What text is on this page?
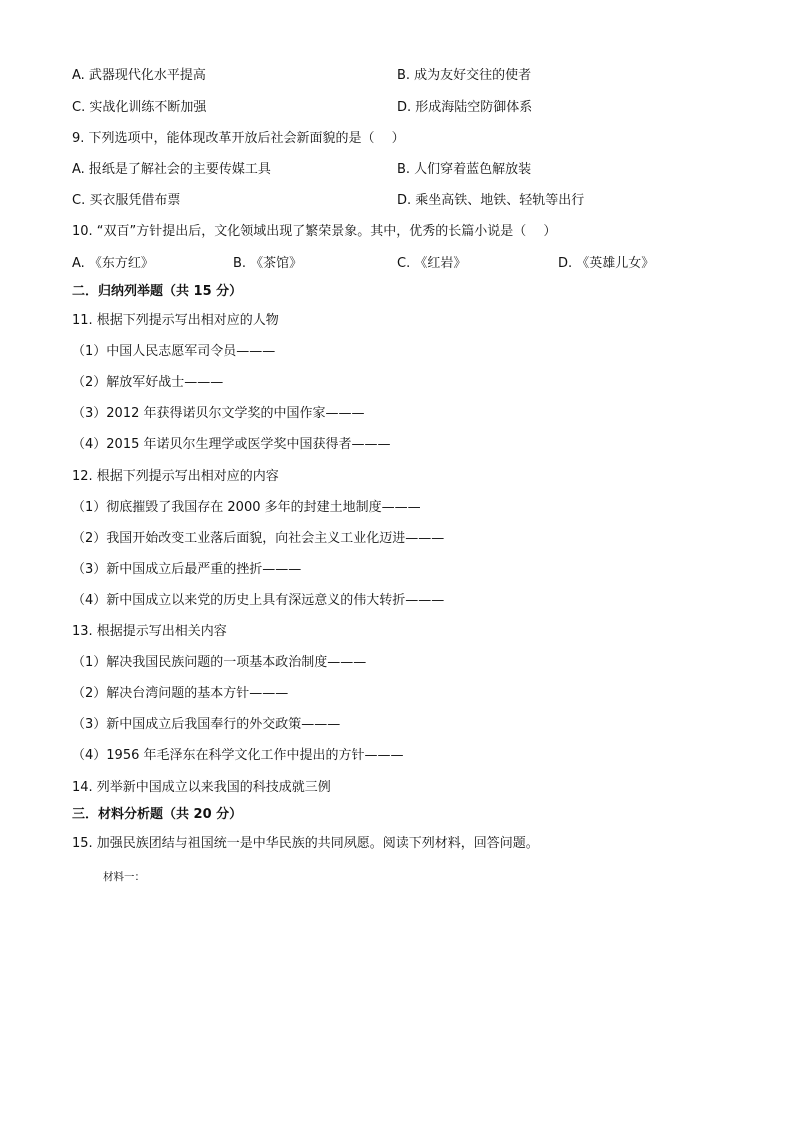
A. 武器现代化水平提高	B. 成为友好交往的使者
C. 实战化训练不断加强	D. 形成海陆空防御体系
9. 下列选项中，能体现改革开放后社会新面貌的是（　 ）
A. 报纸是了解社会的主要传媒工具	B. 人们穿着蓝色解放装
C. 买衣服凭借布票	D. 乘坐高铁、地铁、轻轨等出行
10. “双百”方针提出后，文化领域出现了繁荣景象。其中，优秀的长篇小说是（　 ）
A. 《东方红》	B. 《茶馆》	C. 《红岩》	D. 《英雄儿女》
二．归纳列举题（共 15 分）
11. 根据下列提示写出相对应的人物
（1）中国人民志愿军司令员———
（2）解放军好战士———
（3）2012 年获得诺贝尔文学奖的中国作家———
（4）2015 年诺贝尔生理学或医学奖中国获得者———
12. 根据下列提示写出相对应的内容
（1）彻底摧毁了我国存在 2000 多年的封建土地制度———
（2）我国开始改变工业落后面貌，向社会主义工业化迈进———
（3）新中国成立后最严重的挫折———
（4）新中国成立以来党的历史上具有深远意义的伟大转折———
13. 根据提示写出相关内容
（1）解决我国民族问题的一项基本政治制度———
（2）解决台湾问题的基本方针———
（3）新中国成立后我国奉行的外交政策———
（4）1956 年毛泽东在科学文化工作中提出的方针———
14. 列举新中国成立以来我国的科技成就三例
三．材料分析题（共 20 分）
15. 加强民族团结与祖国统一是中华民族的共同夙愿。阅读下列材料，回答问题。
材料一：
